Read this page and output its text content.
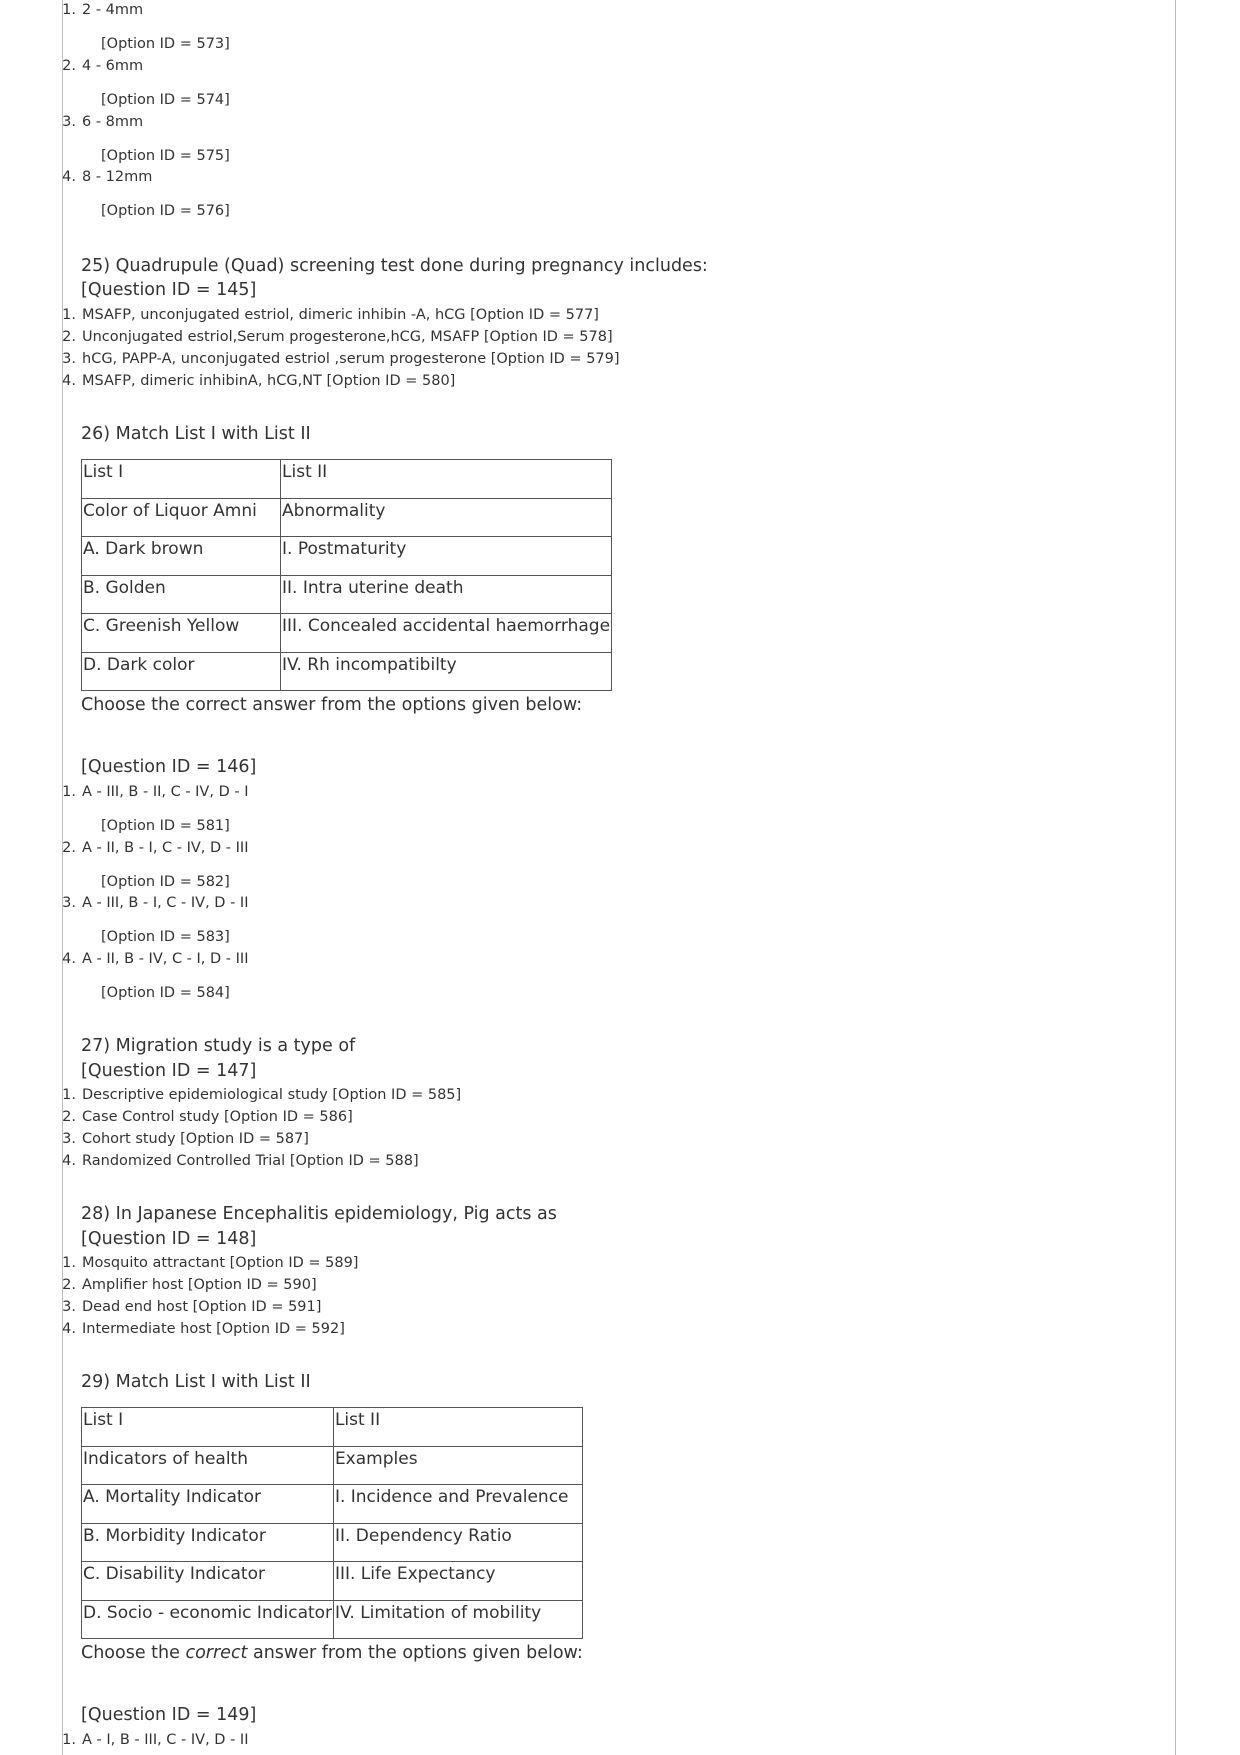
1. 2 - 4mm
[Option ID = 573]
2. 4 - 6mm
[Option ID = 574]
3. 6 - 8mm
[Option ID = 575]
4. 8 - 12mm
[Option ID = 576]
25) Quadrupule (Quad) screening test done during pregnancy includes:
[Question ID = 145]
1. MSAFP, unconjugated estriol, dimeric inhibin -A, hCG [Option ID = 577]
2. Unconjugated estriol,Serum progesterone,hCG, MSAFP [Option ID = 578]
3. hCG, PAPP-A, unconjugated estriol ,serum progesterone [Option ID = 579]
4. MSAFP, dimeric inhibinA, hCG,NT [Option ID = 580]
26) Match List I with List II
List I	List II
Color of Liquor Amni	Abnormality
A. Dark brown	I. Postmaturity
B. Golden	II. Intra uterine death
C. Greenish Yellow	III. Concealed accidental haemorrhage
D. Dark color	IV. Rh incompatibilty
Choose the correct answer from the options given below:
[Question ID = 146]
1. A - III, B - II, C - IV, D - I
[Option ID = 581]
2. A - II, B - I, C - IV, D - III
[Option ID = 582]
3. A - III, B - I, C - IV, D - II
[Option ID = 583]
4. A - II, B - IV, C - I, D - III
[Option ID = 584]
27) Migration study is a type of
[Question ID = 147]
1. Descriptive epidemiological study [Option ID = 585]
2. Case Control study [Option ID = 586]
3. Cohort study [Option ID = 587]
4. Randomized Controlled Trial [Option ID = 588]
28) In Japanese Encephalitis epidemiology, Pig acts as
[Question ID = 148]
1. Mosquito attractant [Option ID = 589]
2. Amplifier host [Option ID = 590]
3. Dead end host [Option ID = 591]
4. Intermediate host [Option ID = 592]
29) Match List I with List II
List I	List II
Indicators of health	Examples
A. Mortality Indicator	I. Incidence and Prevalence
B. Morbidity Indicator	II. Dependency Ratio
C. Disability Indicator	III. Life Expectancy
D. Socio - economic Indicator	IV. Limitation of mobility
Choose the correct answer from the options given below:
[Question ID = 149]
1. A - I, B - III, C - IV, D - II
